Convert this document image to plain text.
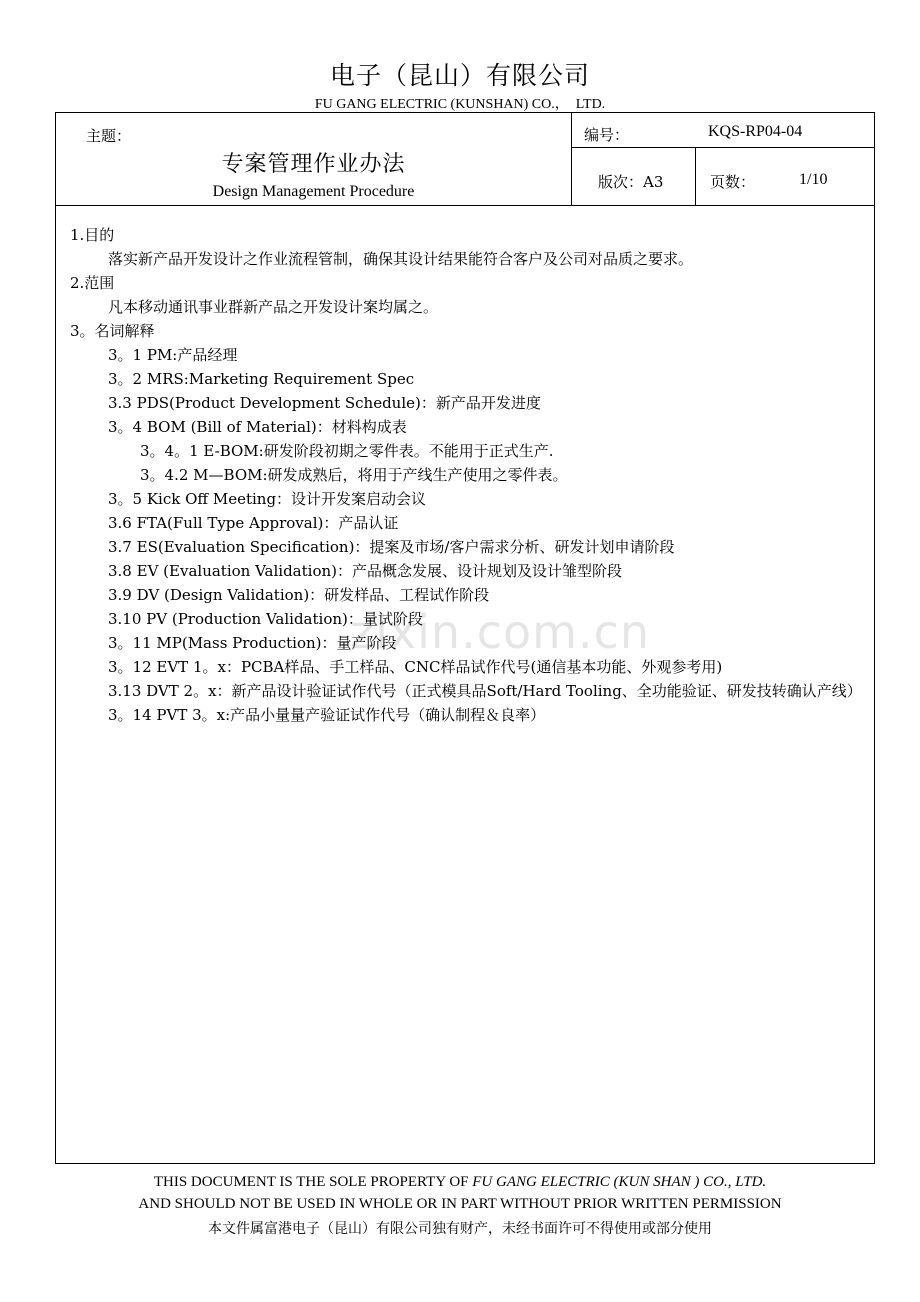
电子（昆山）有限公司
FU GANG ELECTRIC (KUNSHAN) CO.，  LTD.
主题：
专案管理作业办法
Design Management Procedure
编号：	KQS-RP04-04
版次：A3	页数：	1/10
1.目的
落实新产品开发设计之作业流程管制，确保其设计结果能符合客户及公司对品质之要求。
2.范围
凡本移动通讯事业群新产品之开发设计案均属之。
3。名词解释
3。1 PM:产品经理
3。2 MRS:Marketing Requirement Spec
3.3 PDS(Product Development Schedule)：新产品开发进度
3。4 BOM (Bill of Material)：材料构成表
3。4。1 E-BOM:研发阶段初期之零件表。不能用于正式生产.
3。4.2 M—BOM:研发成熟后，将用于产线生产使用之零件表。
3。5 Kick Off Meeting：设计开发案启动会议
3.6 FTA(Full Type Approval)：产品认证
3.7 ES(Evaluation Specification)：提案及市场/客户需求分析、研发计划申请阶段
3.8 EV (Evaluation Validation)：产品概念发展、设计规划及设计雏型阶段
3.9 DV (Design Validation)：研发样品、工程试作阶段
3.10 PV (Production Validation)：量试阶段
3。11 MP(Mass Production)：量产阶段
3。12 EVT 1。x：PCBA样品、手工样品、CNC样品试作代号(通信基本功能、外观参考用)
3.13 DVT 2。x：新产品设计验证试作代号（正式模具品Soft/Hard Tooling、全功能验证、研发技转确认产线）
3。14 PVT 3。x:产品小量量产验证试作代号（确认制程＆良率）
zixin.com.cn
THIS DOCUMENT IS THE SOLE PROPERTY OF FU GANG ELECTRIC (KUN SHAN ) CO., LTD.
AND SHOULD NOT BE USED IN WHOLE OR IN PART WITHOUT PRIOR WRITTEN PERMISSION
本文件属富港电子（昆山）有限公司独有财产，未经书面许可不得使用或部分使用
